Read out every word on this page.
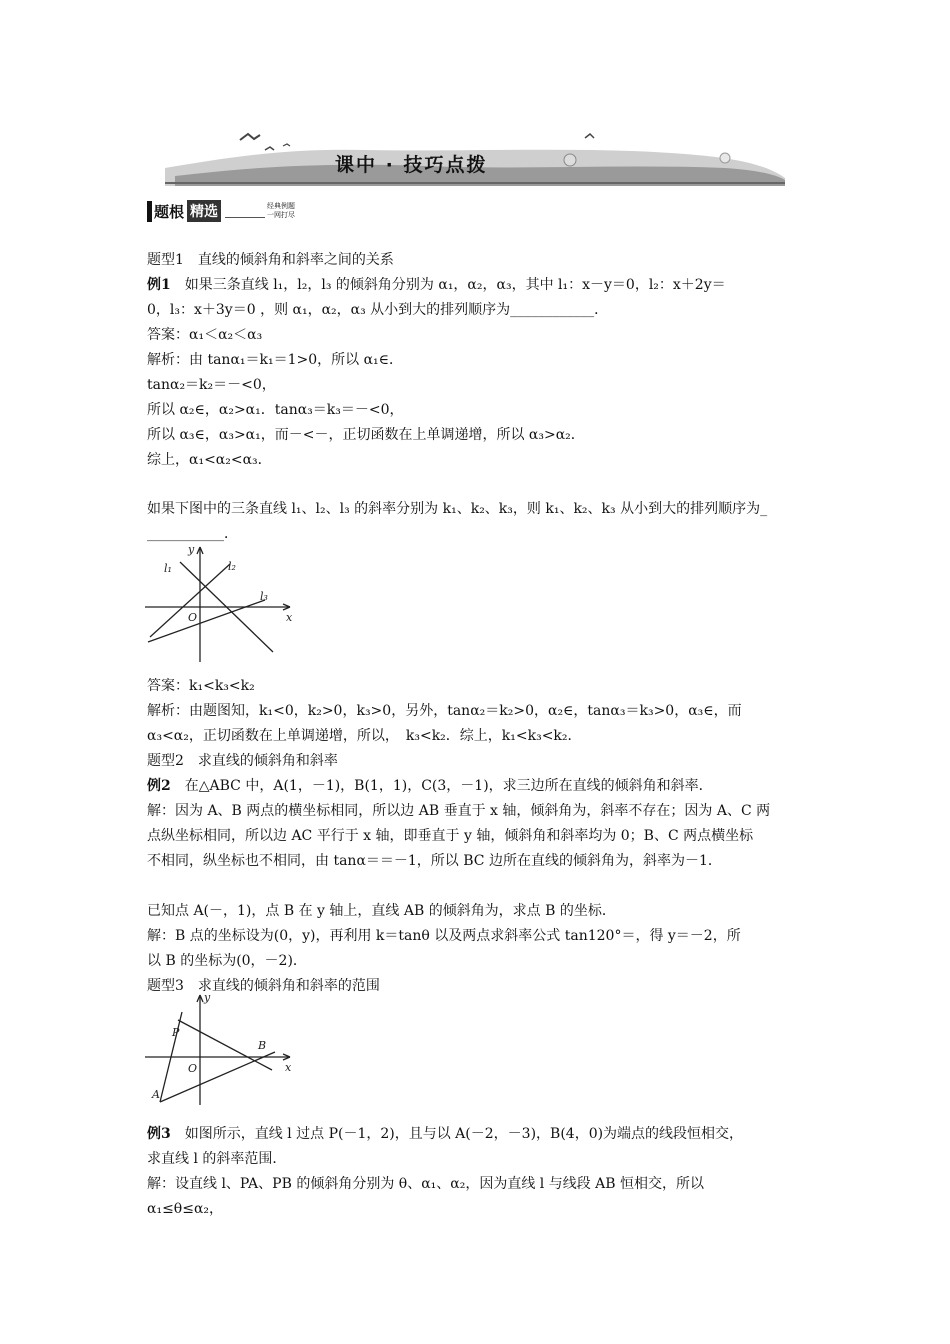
课中 · 技巧点拨
题根 精选	经典例题
一网打尽
题型1　直线的倾斜角和斜率之间的关系
例1　如果三条直线 l₁，l₂，l₃ 的倾斜角分别为 α₁，α₂，α₃，其中 l₁：x－y＝0，l₂：x＋2y＝
0，l₃：x＋3y＝0 ，则 α₁，α₂，α₃ 从小到大的排列顺序为____________．
答案：α₁＜α₂＜α₃
解析：由 tanα₁＝k₁＝1>0，所以 α₁∈．
tanα₂＝k₂＝－<0，
所以 α₂∈，α₂>α₁．tanα₃＝k₃＝－<0，
所以 α₃∈，α₃>α₁，而－<－，正切函数在上单调递增，所以 α₃>α₂．
综上，α₁<α₂<α₃．
如果下图中的三条直线 l₁、l₂、l₃ 的斜率分别为 k₁、k₂、k₃，则 k₁、k₂、k₃ 从小到大的排列顺序为_
___________．
y
x
O
l₁	l₂
l₃
答案：k₁<k₃<k₂
解析：由题图知，k₁<0，k₂>0，k₃>0，另外，tanα₂＝k₂>0，α₂∈，tanα₃＝k₃>0，α₃∈，而
α₃<α₂，正切函数在上单调递增，所以，　k₃<k₂．综上，k₁<k₃<k₂．
题型2　求直线的倾斜角和斜率
例2　在△ABC 中，A(1，－1)，B(1，1)，C(3，－1)，求三边所在直线的倾斜角和斜率．
解：因为 A、B 两点的横坐标相同，所以边 AB 垂直于 x 轴，倾斜角为，斜率不存在；因为 A、C 两
点纵坐标相同，所以边 AC 平行于 x 轴，即垂直于 y 轴，倾斜角和斜率均为 0；B、C 两点横坐标
不相同，纵坐标也不相同，由 tanα＝＝－1，所以 BC 边所在直线的倾斜角为，斜率为－1．
已知点 A(－，1)，点 B 在 y 轴上，直线 AB 的倾斜角为，求点 B 的坐标．
解：B 点的坐标设为(0，y)，再利用 k＝tanθ 以及两点求斜率公式 tan120°＝，得 y＝－2，所
以 B 的坐标为(0，－2)．
题型3　求直线的倾斜角和斜率的范围
y
x
O
P
A
B
例3　如图所示，直线 l 过点 P(－1，2)，且与以 A(－2，－3)，B(4，0)为端点的线段恒相交，
求直线 l 的斜率范围．
解：设直线 l、PA、PB 的倾斜角分别为 θ、α₁、α₂，因为直线 l 与线段 AB 恒相交，所以
α₁≤θ≤α₂，
